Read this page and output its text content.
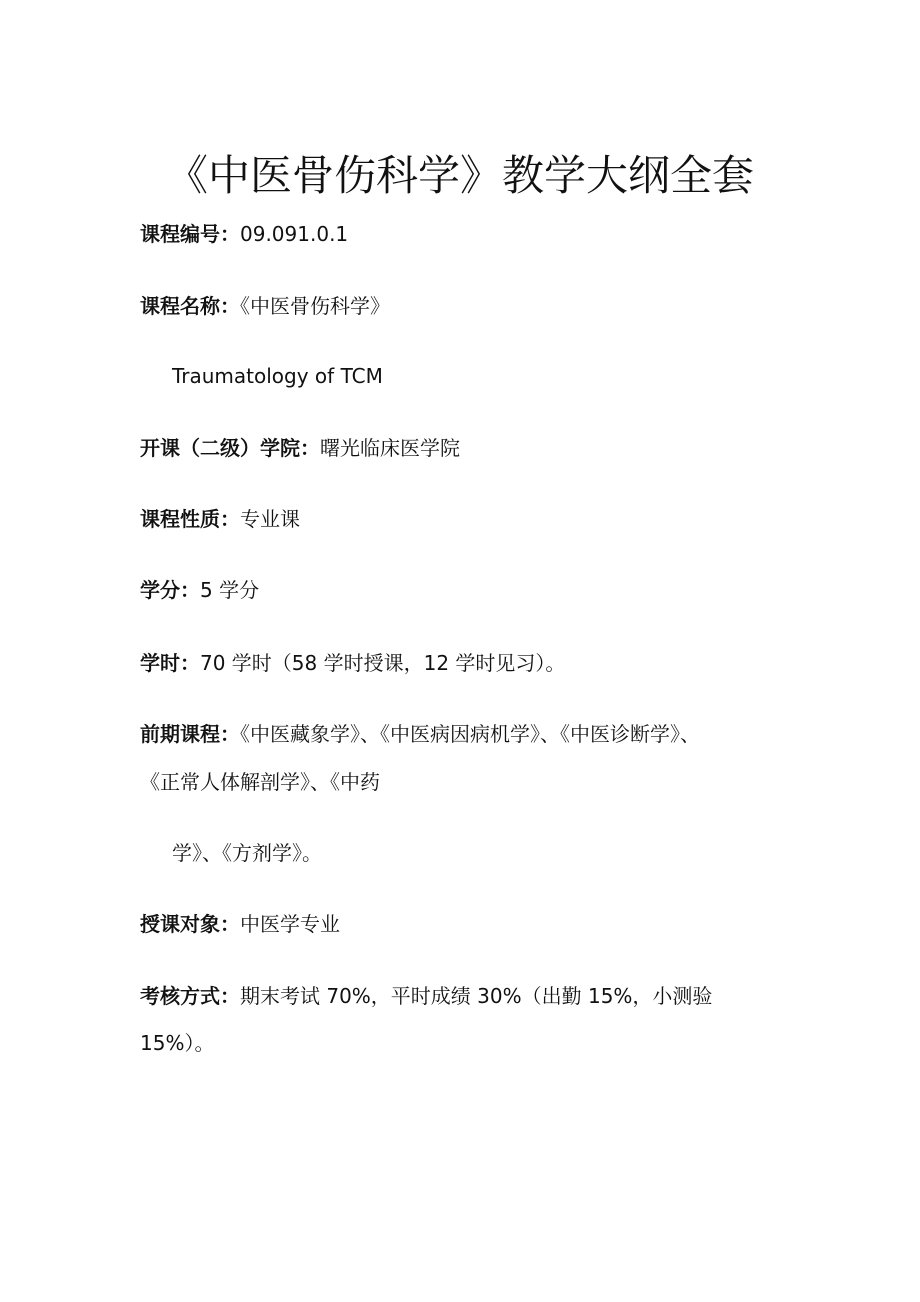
《中医骨伤科学》教学大纲全套
课程编号：09.091.0.1
课程名称：《中医骨伤科学》
Traumatology of TCM
开课（二级）学院：曙光临床医学院
课程性质：专业课
学分：5 学分
学时：70 学时（58 学时授课，12 学时见习）。
前期课程：《中医藏象学》、《中医病因病机学》、《中医诊断学》、
《正常人体解剖学》、《中药
学》、《方剂学》。
授课对象：中医学专业
考核方式：期末考试 70%，平时成绩 30%（出勤 15%，小测验
15%）。
